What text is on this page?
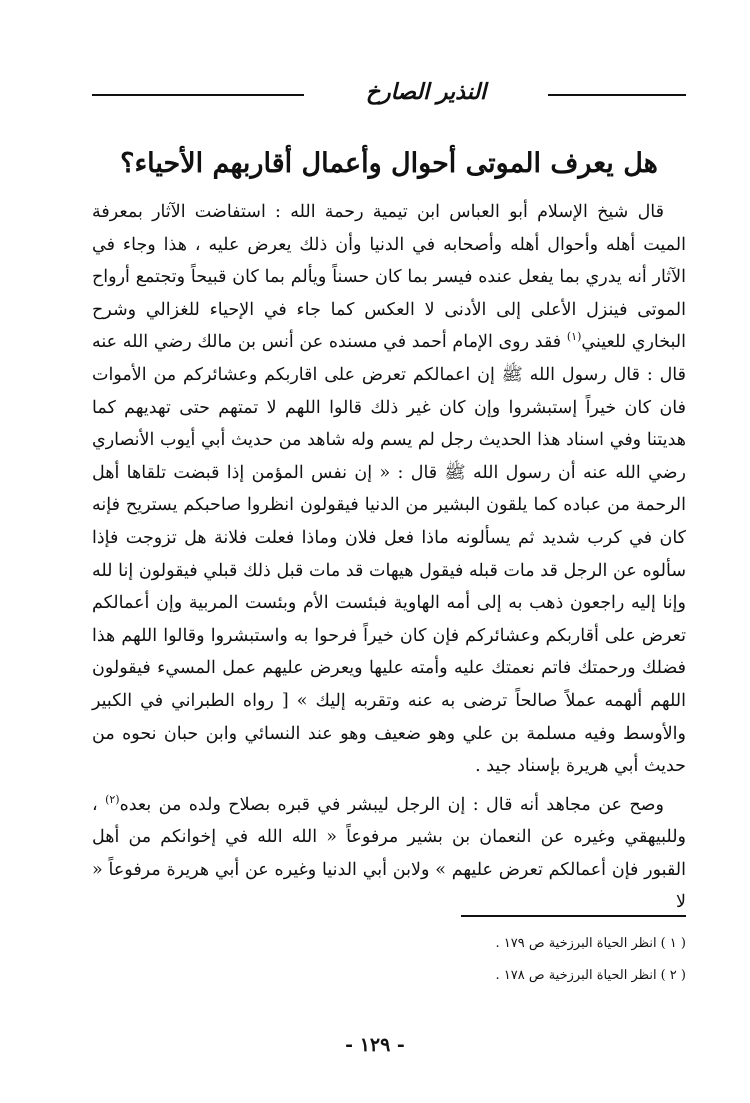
النذير الصارخ
هل يعرف الموتى أحوال وأعمال أقاربهم الأحياء؟

قال شيخ الإسلام أبو العباس ابن تيمية رحمة الله : استفاضت الآثار بمعرفة الميت أهله وأحوال أهله وأصحابه في الدنيا وأن ذلك يعرض عليه ، هذا وجاء في الآثار أنه يدري بما يفعل عنده فيسر بما كان حسناً ويألم بما كان قبيحاً وتجتمع أرواح الموتى فينزل الأعلى إلى الأدنى لا العكس كما جاء في الإحياء للغزالي وشرح البخاري للعيني$^{(١)}$ فقد روى الإمام أحمد في مسنده عن أنس بن مالك رضي الله عنه قال : قال رسول الله ﷺ إن اعمالكم تعرض على اقاربكم وعشائركم من الأموات فان كان خيراً إستبشروا وإن كان غير ذلك قالوا اللهم لا تمتهم حتى تهديهم كما هديتنا وفي اسناد هذا الحديث رجل لم يسم وله شاهد من حديث أبي أيوب الأنصاري رضي الله عنه أن رسول الله ﷺ قال : « إن نفس المؤمن إذا قبضت تلقاها أهل الرحمة من عباده كما يلقون البشير من الدنيا فيقولون انظروا صاحبكم يستريح فإنه كان في كرب شديد ثم يسألونه ماذا فعل فلان وماذا فعلت فلانة هل تزوجت فإذا سألوه عن الرجل قد مات قبله فيقول هيهات قد مات قبل ذلك قبلي فيقولون إنا لله وإنا إليه راجعون ذهب به إلى أمه الهاوية فبئست الأم وبئست المربية وإن أعمالكم تعرض على أقاربكم وعشائركم فإن كان خيراً فرحوا به واستبشروا وقالوا اللهم هذا فضلك ورحمتك فاتم نعمتك عليه وأمته عليها ويعرض عليهم عمل المسيء فيقولون اللهم ألهمه عملاً صالحاً ترضى به عنه وتقربه إليك » [ رواه الطبراني في الكبير والأوسط وفيه مسلمة بن علي وهو ضعيف وهو عند النسائي وابن حبان نحوه من حديث أبي هريرة بإسناد جيد .

وصح عن مجاهد أنه قال : إن الرجل ليبشر في قبره بصلاح ولده من بعده$^{(٢)}$ ، وللبيهقي وغيره عن النعمان بن بشير مرفوعاً « الله الله في إخوانكم من أهل القبور فإن أعمالكم تعرض عليهم » ولابن أبي الدنيا وغيره عن أبي هريرة مرفوعاً « لا

( ١ )
انظر الحياة البرزخية ص ١٧٩ .

( ٢ )
انظر الحياة البرزخية ص ١٧٨ .

- ١٢٩ -
